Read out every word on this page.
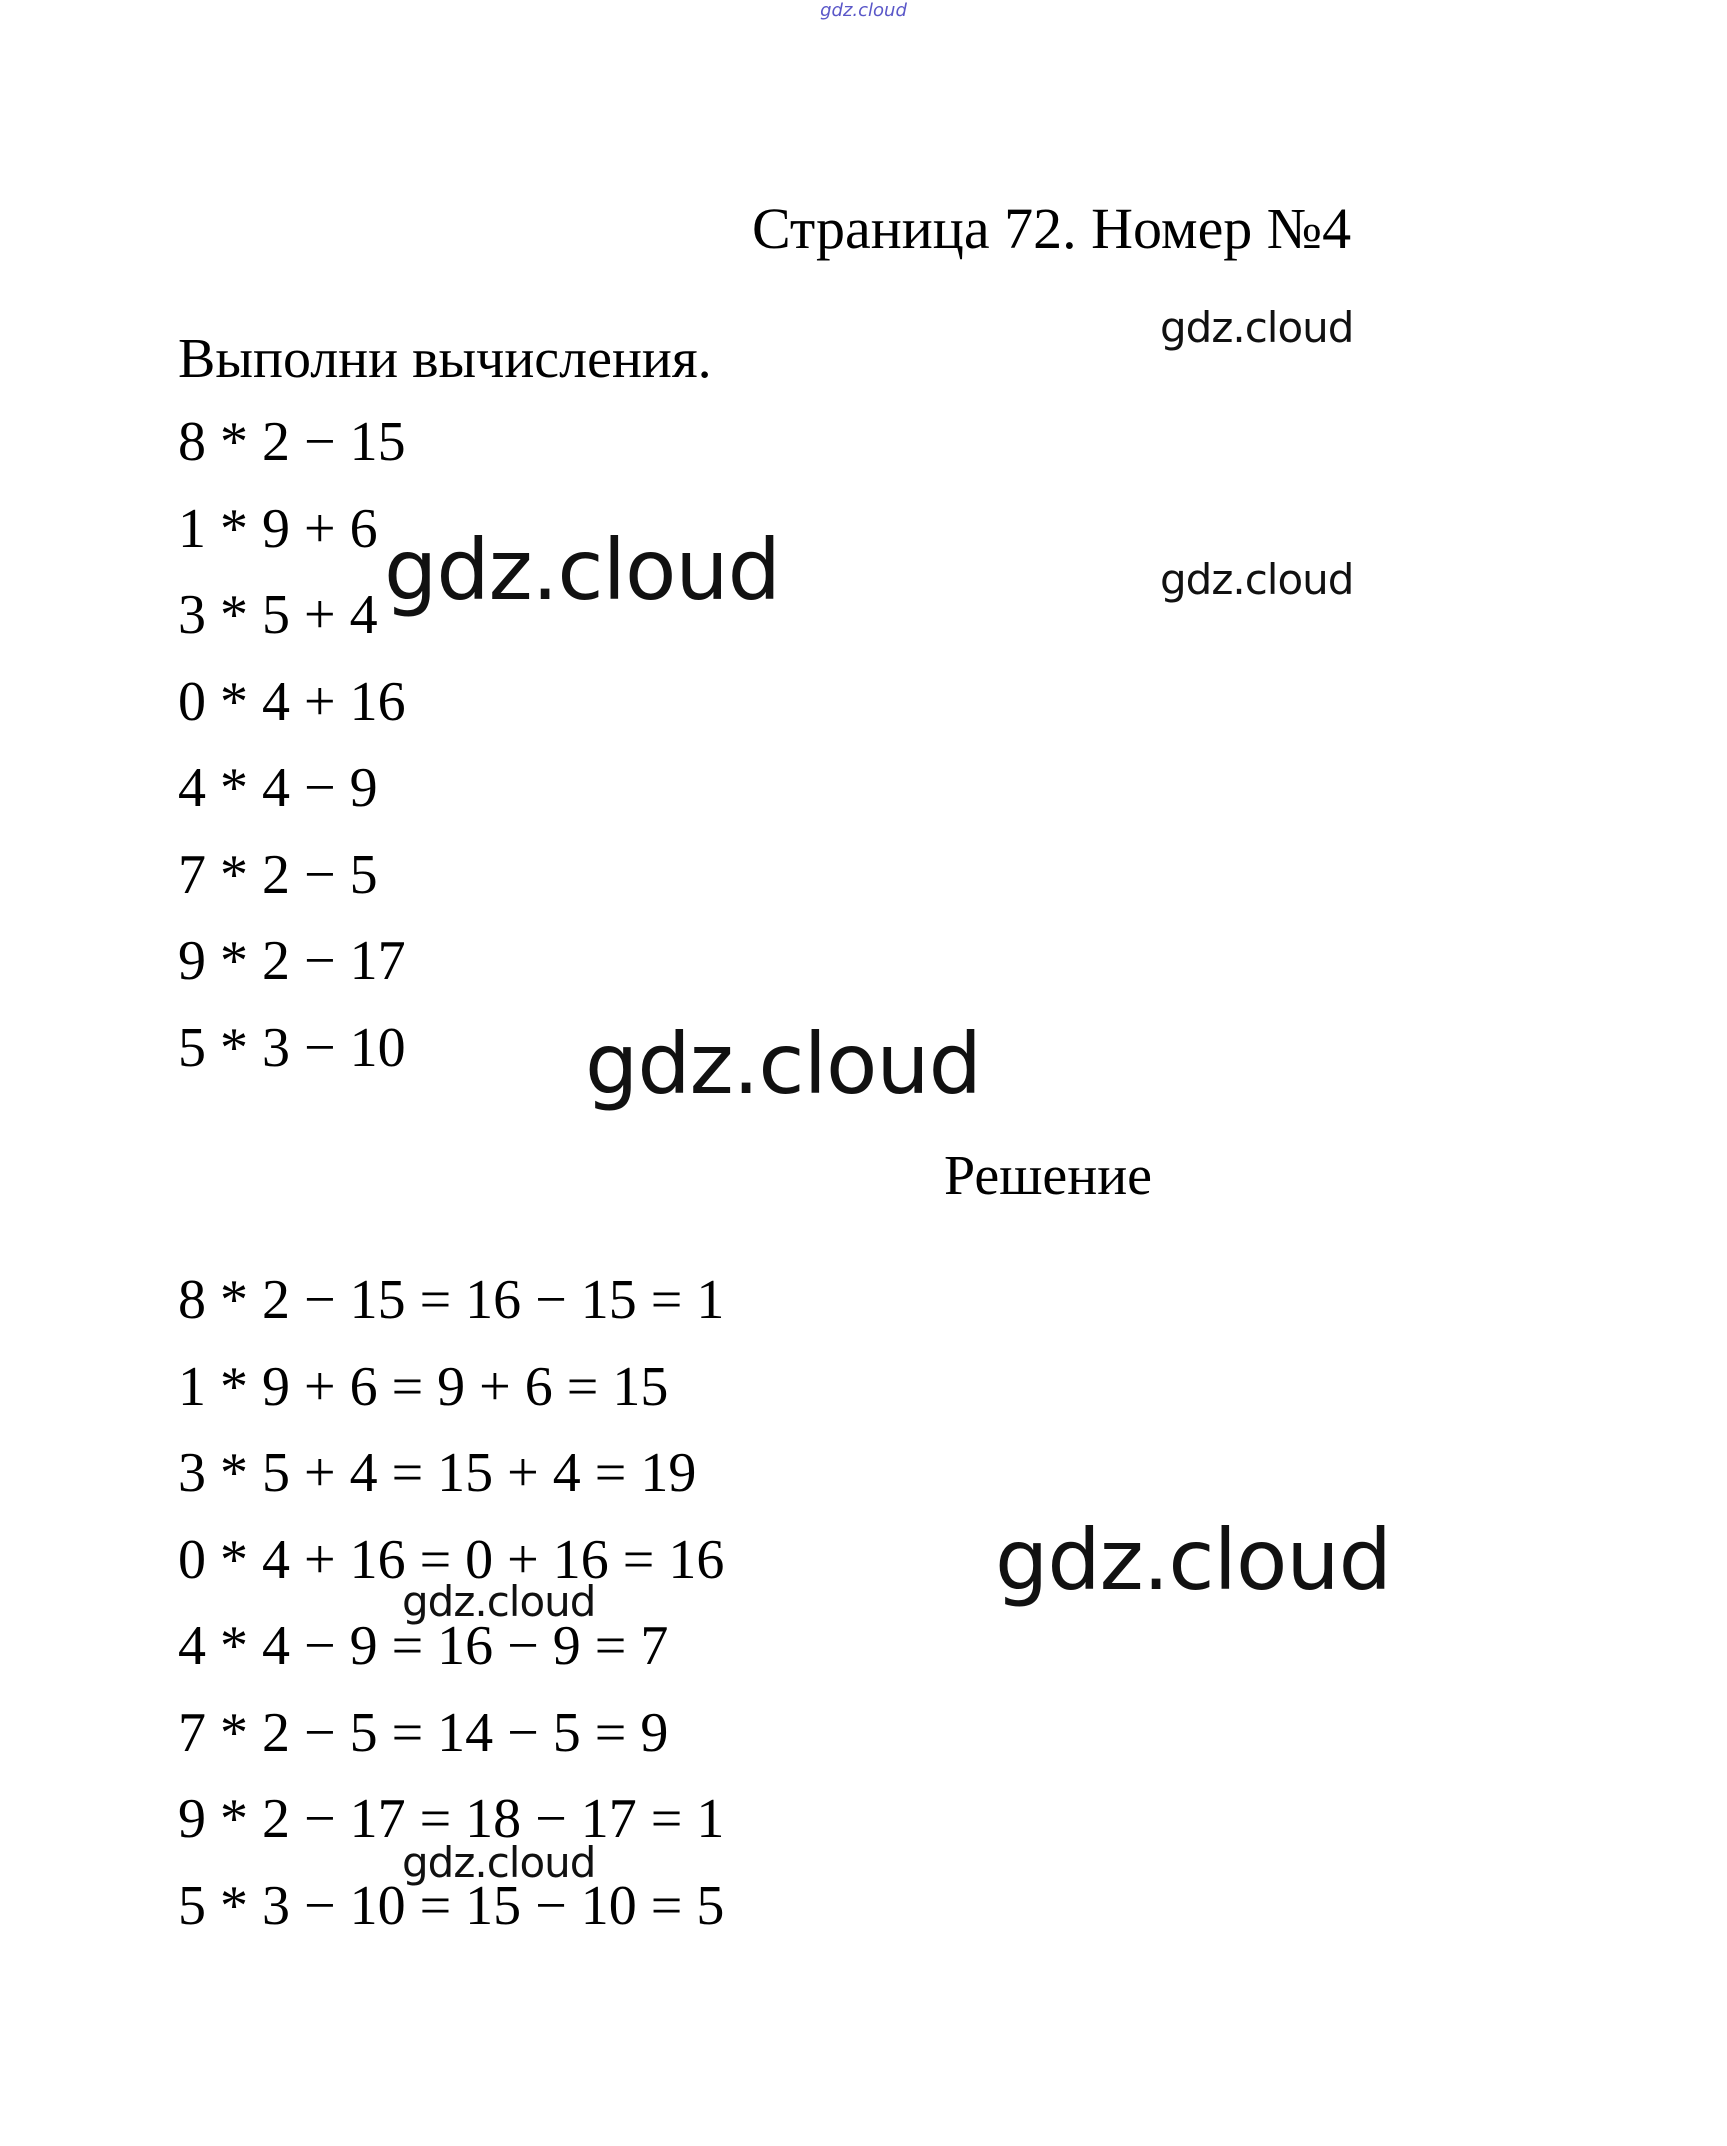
gdz.cloud
Страница 72. Номер №4
Выполни вычисления.
8 * 2 − 15
1 * 9 + 6
3 * 5 + 4
0 * 4 + 16
4 * 4 − 9
7 * 2 − 5
9 * 2 − 17
5 * 3 − 10
Решение
8 * 2 − 15 = 16 − 15 = 1
1 * 9 + 6 = 9 + 6 = 15
3 * 5 + 4 = 15 + 4 = 19
0 * 4 + 16 = 0 + 16 = 16
4 * 4 − 9 = 16 − 9 = 7
7 * 2 − 5 = 14 − 5 = 9
9 * 2 − 17 = 18 − 17 = 1
5 * 3 − 10 = 15 − 10 = 5
gdz.cloud
gdz.cloud	gdz.cloud
gdz.cloud
gdz.cloud
gdz.cloud
gdz.cloud
